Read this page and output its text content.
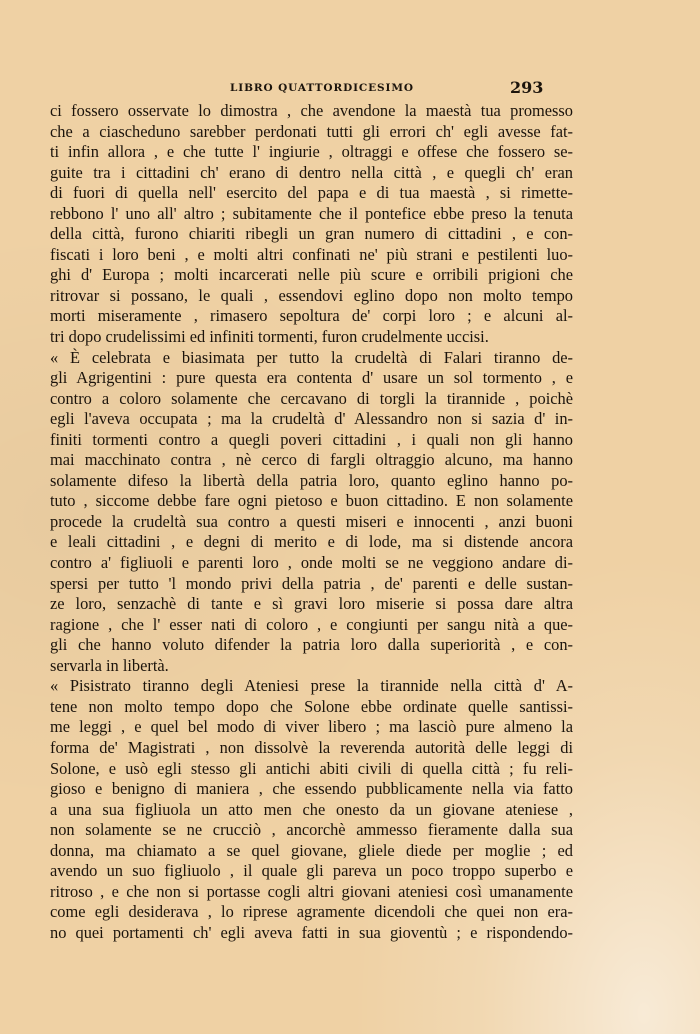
LIBRO QUATTORDICESIMO	293
ci fossero osservate lo dimostra , che avendone la maestà tua promesso
che a ciascheduno sarebber perdonati tutti gli errori ch' egli avesse fat-
ti infin allora , e che tutte l' ingiurie , oltraggi e offese che fossero se-
guite tra i cittadini ch' erano di dentro nella città , e quegli ch' eran
di fuori di quella nell' esercito del papa e di tua maestà , si rimette-
rebbono l' uno all' altro ; subitamente che il pontefice ebbe preso la tenuta
della città, furono chiariti ribegli un gran numero di cittadini , e con-
fiscati i loro beni , e molti altri confinati ne' più strani e pestilenti luo-
ghi d' Europa ; molti incarcerati nelle più scure e orribili prigioni che
ritrovar si possano, le quali , essendovi eglino dopo non molto tempo
morti miseramente , rimasero sepoltura de' corpi loro ; e alcuni al-
tri dopo crudelissimi ed infiniti tormenti, furon crudelmente uccisi.
« È celebrata e biasimata per tutto la crudeltà di Falari tiranno de-
gli Agrigentini : pure questa era contenta d' usare un sol tormento , e
contro a coloro solamente che cercavano di torgli la tirannide , poichè
egli l'aveva occupata ; ma la crudeltà d' Alessandro non si sazia d' in-
finiti tormenti contro a quegli poveri cittadini , i quali non gli hanno
mai macchinato contra , nè cerco di fargli oltraggio alcuno, ma hanno
solamente difeso la libertà della patria loro, quanto eglino hanno po-
tuto , siccome debbe fare ogni pietoso e buon cittadino. E non solamente
procede la crudeltà sua contro a questi miseri e innocenti , anzi buoni
e leali cittadini , e degni di merito e di lode, ma si distende ancora
contro a' figliuoli e parenti loro , onde molti se ne veggiono andare di-
spersi per tutto 'l mondo privi della patria , de' parenti e delle sustan-
ze loro, senzachè di tante e sì gravi loro miserie si possa dare altra
ragione , che l' esser nati di coloro , e congiunti per sangu nità a que-
gli che hanno voluto difender la patria loro dalla superiorità , e con-
servarla in libertà.
« Pisistrato tiranno degli Ateniesi prese la tirannide nella città d' A-
tene non molto tempo dopo che Solone ebbe ordinate quelle santissi-
me leggi , e quel bel modo di viver libero ; ma lasciò pure almeno la
forma de' Magistrati , non dissolvè la reverenda autorità delle leggi di
Solone, e usò egli stesso gli antichi abiti civili di quella città ; fu reli-
gioso e benigno di maniera , che essendo pubblicamente nella via fatto
a una sua figliuola un atto men che onesto da un giovane ateniese ,
non solamente se ne crucciò , ancorchè ammesso fieramente dalla sua
donna, ma chiamato a se quel giovane, gliele diede per moglie ; ed
avendo un suo figliuolo , il quale gli pareva un poco troppo superbo e
ritroso , e che non si portasse cogli altri giovani ateniesi così umanamente
come egli desiderava , lo riprese agramente dicendoli che quei non era-
no quei portamenti ch' egli aveva fatti in sua gioventù ; e rispondendo-
